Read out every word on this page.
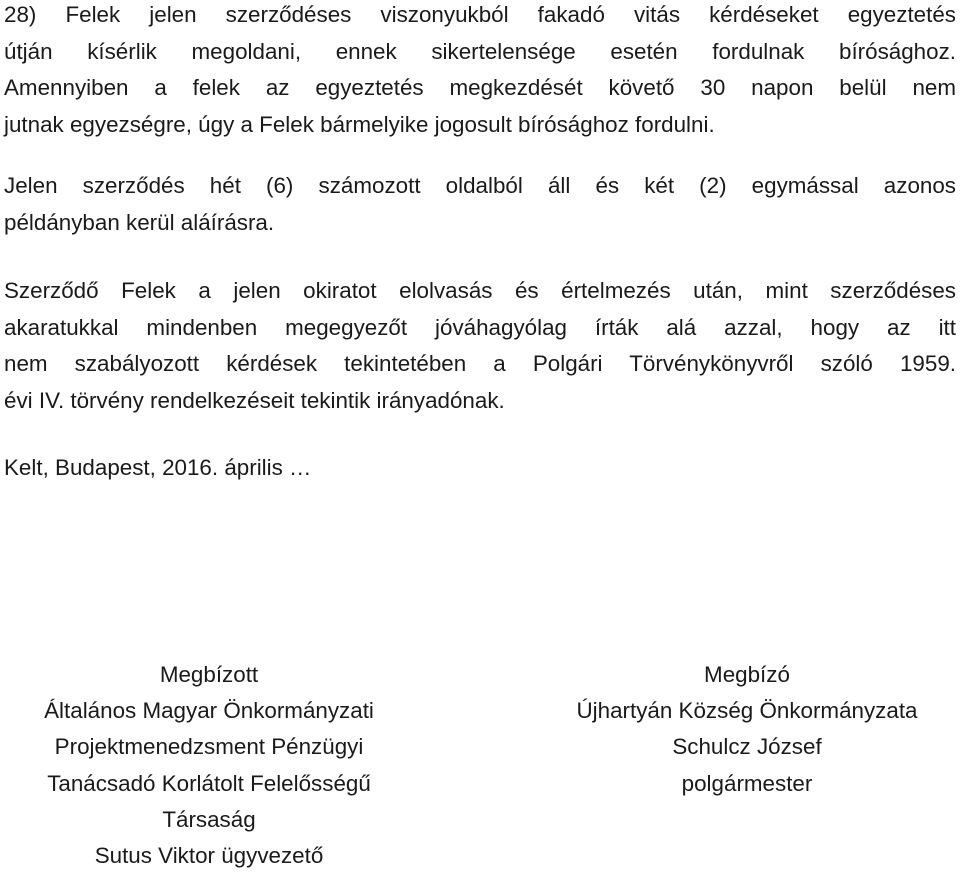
28) Felek jelen szerződéses viszonyukból fakadó vitás kérdéseket egyeztetés
útján kísérlik megoldani, ennek sikertelensége esetén fordulnak bírósághoz.
Amennyiben a felek az egyeztetés megkezdését követő 30 napon belül nem
jutnak egyezségre, úgy a Felek bármelyike jogosult bírósághoz fordulni.
Jelen szerződés hét (6) számozott oldalból áll és két (2) egymással azonos
példányban kerül aláírásra.
Szerződő Felek a jelen okiratot elolvasás és értelmezés után, mint szerződéses
akaratukkal mindenben megegyezőt jóváhagyólag írták alá azzal, hogy az itt
nem szabályozott kérdések tekintetében a Polgári Törvénykönyvről szóló 1959.
évi IV. törvény rendelkezéseit tekintik irányadónak.
Kelt, Budapest, 2016. április …
Megbízott
Általános Magyar Önkormányzati
Projektmenedzsment Pénzügyi
Tanácsadó Korlátolt Felelősségű
Társaság
Sutus Viktor ügyvezető
Megbízó
Újhartyán Község Önkormányzata
Schulcz József
polgármester
